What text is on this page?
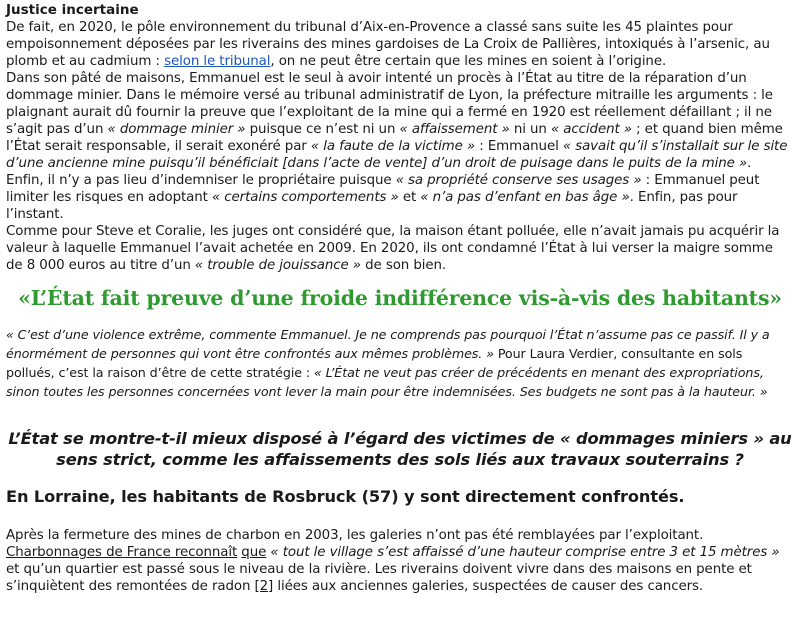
Justice incertaine

De fait, en 2020, le pôle environnement du tribunal d’Aix-en-Provence a classé sans suite les 45 plaintes pour empoisonnement déposées par les riverains des mines gardoises de La Croix de Pallières, intoxiqués à l’arsenic, au plomb et au cadmium : selon le tribunal, on ne peut être certain que les mines en soient à l’origine.

Dans son pâté de maisons, Emmanuel est le seul à avoir intenté un procès à l’État au titre de la réparation d’un dommage minier. Dans le mémoire versé au tribunal administratif de Lyon, la préfecture mitraille les arguments : le plaignant aurait dû fournir la preuve que l’exploitant de la mine qui a fermé en 1920 est réellement défaillant ; il ne s’agit pas d’un « dommage minier » puisque ce n’est ni un « affaissement » ni un « accident » ; et quand bien même l’État serait responsable, il serait exonéré par « la faute de la victime » : Emmanuel « savait qu’il s’installait sur le site d’une ancienne mine puisqu’il bénéficiait [dans l’acte de vente] d’un droit de puisage dans le puits de la mine ». Enfin, il n’y a pas lieu d’indemniser le propriétaire puisque « sa propriété conserve ses usages » : Emmanuel peut limiter les risques en adoptant « certains comportements » et « n’a pas d’enfant en bas âge ». Enfin, pas pour l’instant.

Comme pour Steve et Coralie, les juges ont considéré que, la maison étant polluée, elle n’avait jamais pu acquérir la valeur à laquelle Emmanuel l’avait achetée en 2009. En 2020, ils ont condamné l’État à lui verser la maigre somme de 8 000 euros au titre d’un « trouble de jouissance » de son bien.

«L’État fait preuve d’une froide indifférence vis-à-vis des habitants»

« C’est d’une violence extrême, commente Emmanuel. Je ne comprends pas pourquoi l’État n’assume pas ce passif. Il y a énormément de personnes qui vont être confrontés aux mêmes problèmes. » Pour Laura Verdier, consultante en sols pollués, c’est la raison d’être de cette stratégie : « L’État ne veut pas créer de précédents en menant des expropriations, sinon toutes les personnes concernées vont lever la main pour être indemnisées. Ses budgets ne sont pas à la hauteur. »

L’État se montre-t-il mieux disposé à l’égard des victimes de « dommages miniers » au sens strict, comme les affaissements des sols liés aux travaux souterrains ?

En Lorraine, les habitants de Rosbruck (57) y sont directement confrontés.

Après la fermeture des mines de charbon en 2003, les galeries n’ont pas été remblayées par l’exploitant. Charbonnages de France reconnaît que « tout le village s’est affaissé d’une hauteur comprise entre 3 et 15 mètres » et qu’un quartier est passé sous le niveau de la rivière. Les riverains doivent vivre dans des maisons en pente et s’inquiètent des remontées de radon [2] liées aux anciennes galeries, suspectées de causer des cancers.
